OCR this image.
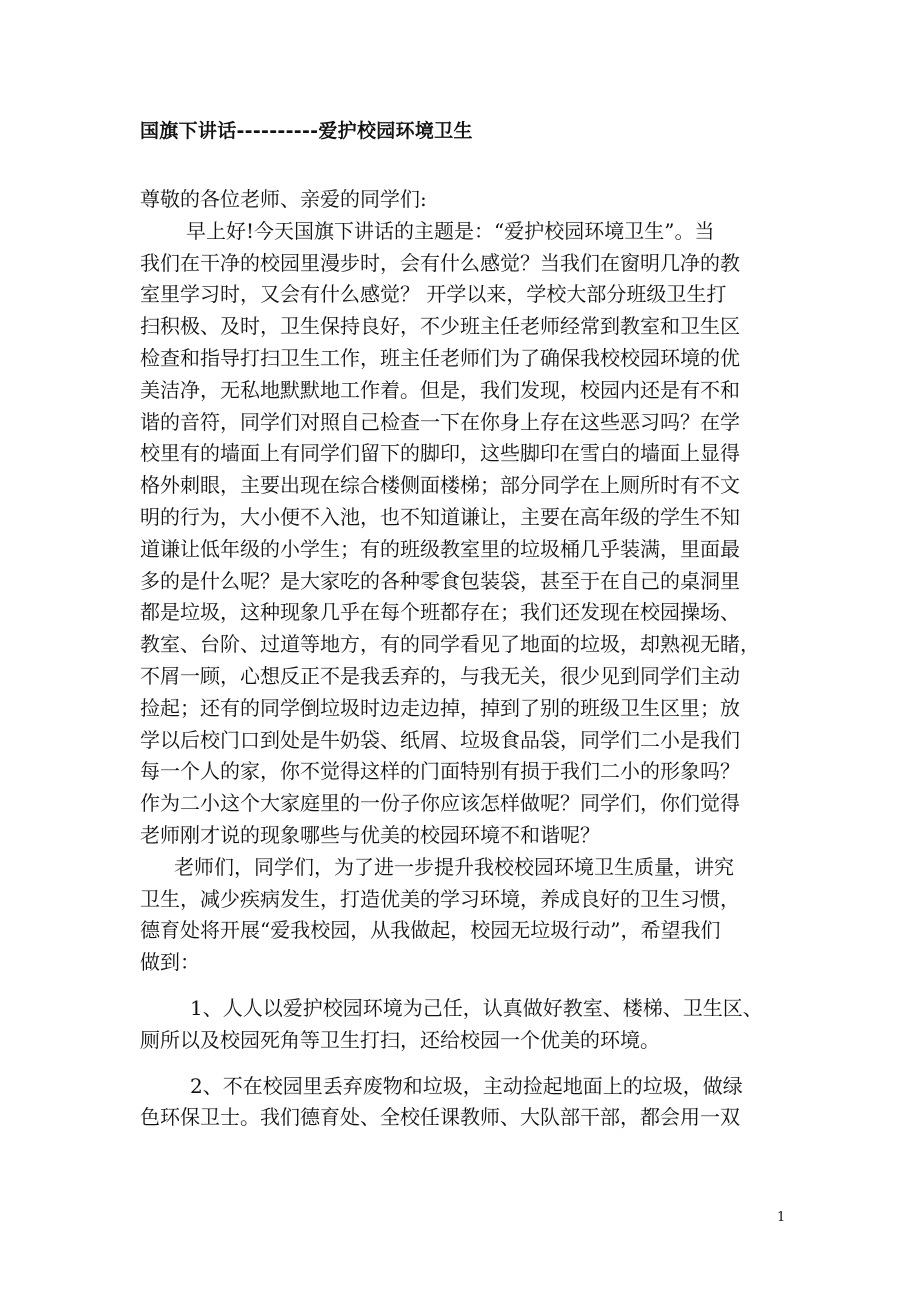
国旗下讲话----------爱护校园环境卫生
尊敬的各位老师、亲爱的同学们:
早上好!今天国旗下讲话的主题是：“爱护校园环境卫生”。当
我们在干净的校园里漫步时，会有什么感觉？当我们在窗明几净的教
室里学习时，又会有什么感觉？ 开学以来，学校大部分班级卫生打
扫积极、及时，卫生保持良好，不少班主任老师经常到教室和卫生区
检查和指导打扫卫生工作，班主任老师们为了确保我校校园环境的优
美洁净，无私地默默地工作着。但是，我们发现，校园内还是有不和
谐的音符，同学们对照自己检查一下在你身上存在这些恶习吗？在学
校里有的墙面上有同学们留下的脚印，这些脚印在雪白的墙面上显得
格外刺眼，主要出现在综合楼侧面楼梯；部分同学在上厕所时有不文
明的行为，大小便不入池，也不知道谦让，主要在高年级的学生不知
道谦让低年级的小学生；有的班级教室里的垃圾桶几乎装满，里面最
多的是什么呢？是大家吃的各种零食包装袋，甚至于在自己的桌洞里
都是垃圾，这种现象几乎在每个班都存在；我们还发现在校园操场、
教室、台阶、过道等地方，有的同学看见了地面的垃圾，却熟视无睹，
不屑一顾，心想反正不是我丢弃的，与我无关，很少见到同学们主动
捡起；还有的同学倒垃圾时边走边掉，掉到了别的班级卫生区里；放
学以后校门口到处是牛奶袋、纸屑、垃圾食品袋，同学们二小是我们
每一个人的家，你不觉得这样的门面特别有损于我们二小的形象吗？
作为二小这个大家庭里的一份子你应该怎样做呢？同学们，你们觉得
老师刚才说的现象哪些与优美的校园环境不和谐呢？
老师们，同学们，为了进一步提升我校校园环境卫生质量，讲究
卫生，减少疾病发生，打造优美的学习环境，养成良好的卫生习惯，
德育处将开展“爱我校园，从我做起，校园无垃圾行动”，希望我们
做到：
1、人人以爱护校园环境为己任，认真做好教室、楼梯、卫生区、
厕所以及校园死角等卫生打扫，还给校园一个优美的环境。
2、不在校园里丢弃废物和垃圾，主动捡起地面上的垃圾，做绿
色环保卫士。我们德育处、全校任课教师、大队部干部，都会用一双
1
